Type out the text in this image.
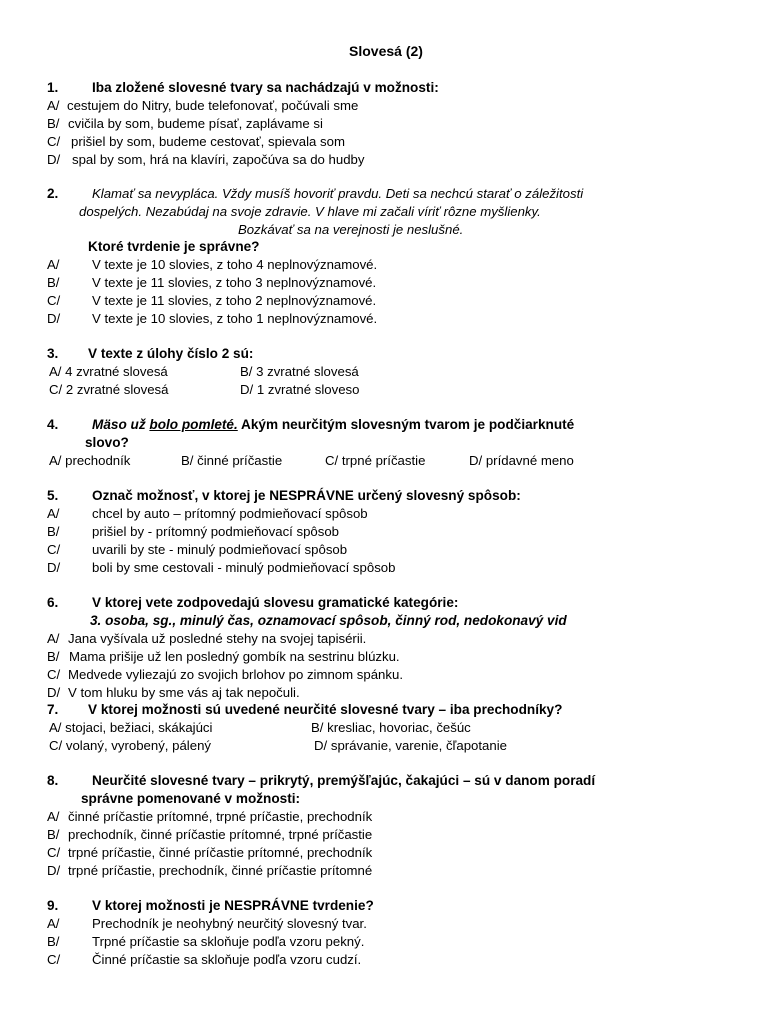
Slovesá (2)
1. Iba zložené slovesné tvary sa nachádzajú v možnosti:
A/ cestujem do Nitry, bude telefonovať, počúvali sme
B/ cvičila by som, budeme písať, zaplávame si
C/ prišiel by som, budeme cestovať, spievala som
D/ spal by som, hrá na klavíri, započúva sa do hudby
2.	Klamať sa nevypláca. Vždy musíš hovoriť pravdu. Deti sa nechcú starať o záležitosti
dospelých. Nezabúdaj na svoje zdravie. V hlave mi začali víriť rôzne myšlienky.
Bozkávať sa na verejnosti je neslušné.
Ktoré tvrdenie je správne?
A/ V texte je 10 slovies, z toho 4 neplnovýznamové.
B/ V texte je 11 slovies, z toho 3 neplnovýznamové.
C/ V texte je 11 slovies, z toho 2 neplnovýznamové.
D/ V texte je 10 slovies, z toho 1 neplnovýznamové.
3. V texte z úlohy číslo 2 sú:
A/ 4 zvratné slovesá	B/ 3 zvratné slovesá
C/ 2 zvratné slovesá	D/ 1 zvratné sloveso
4. Mäso už bolo pomleté. Akým neurčitým slovesným tvarom je podčiarknuté
slovo?
A/ prechodník	B/ činné príčastie	C/ trpné príčastie	D/ prídavné meno
5. Označ možnosť, v ktorej je NESPRÁVNE určený slovesný spôsob:
A/ chcel by auto – prítomný podmieňovací spôsob
B/ prišiel by - prítomný podmieňovací spôsob
C/ uvarili by ste - minulý podmieňovací spôsob
D/ boli by sme cestovali - minulý podmieňovací spôsob
6. V ktorej vete zodpovedajú slovesu gramatické kategórie:
3. osoba, sg., minulý čas, oznamovací spôsob, činný rod, nedokonavý vid
A/ Jana vyšívala už posledné stehy na svojej tapisérii.
B/ Mama prišije už len posledný gombík na sestrinu blúzku.
C/ Medvede vyliezajú zo svojich brlohov po zimnom spánku.
D/ V tom hluku by sme vás aj tak nepočuli.
7. V ktorej možnosti sú uvedené neurčité slovesné tvary – iba prechodníky?
A/ stojaci, bežiaci, skákajúci	B/ kresliac, hovoriac, češúc
C/ volaný, vyrobený, pálený	D/ správanie, varenie, čľapotanie
8. Neurčité slovesné tvary – prikrytý, premýšľajúc, čakajúci – sú v danom poradí
správne pomenované v možnosti:
A/ činné príčastie prítomné, trpné príčastie, prechodník
B/ prechodník, činné príčastie prítomné, trpné príčastie
C/ trpné príčastie, činné príčastie prítomné, prechodník
D/ trpné príčastie, prechodník, činné príčastie prítomné
9. V ktorej možnosti je NESPRÁVNE tvrdenie?
A/ Prechodník je neohybný neurčitý slovesný tvar.
B/ Trpné príčastie sa skloňuje podľa vzoru pekný.
C/ Činné príčastie sa skloňuje podľa vzoru cudzí.
